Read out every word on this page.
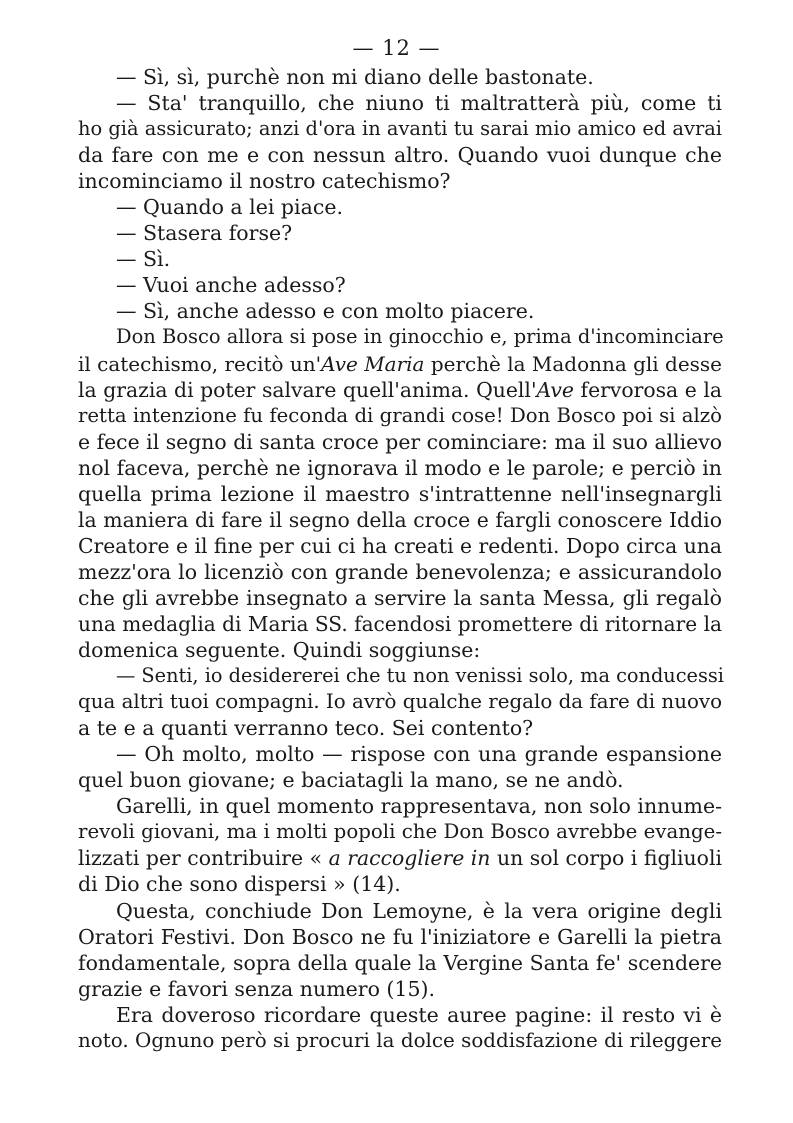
— 12 —
— Sì, sì, purchè non mi diano delle bastonate.
— Sta' tranquillo, che niuno ti maltratterà più, come ti
ho già assicurato; anzi d'ora in avanti tu sarai mio amico ed avrai
da fare con me e con nessun altro. Quando vuoi dunque che
incominciamo il nostro catechismo?
— Quando a lei piace.
— Stasera forse?
— Sì.
— Vuoi anche adesso?
— Sì, anche adesso e con molto piacere.
Don Bosco allora si pose in ginocchio e, prima d'incominciare
il catechismo, recitò un'Ave Maria perchè la Madonna gli desse
la grazia di poter salvare quell'anima. Quell'Ave fervorosa e la
retta intenzione fu feconda di grandi cose! Don Bosco poi si alzò
e fece il segno di santa croce per cominciare: ma il suo allievo
nol faceva, perchè ne ignorava il modo e le parole; e perciò in
quella prima lezione il maestro s'intrattenne nell'insegnargli
la maniera di fare il segno della croce e fargli conoscere Iddio
Creatore e il fine per cui ci ha creati e redenti. Dopo circa una
mezz'ora lo licenziò con grande benevolenza; e assicurandolo
che gli avrebbe insegnato a servire la santa Messa, gli regalò
una medaglia di Maria SS. facendosi promettere di ritornare la
domenica seguente. Quindi soggiunse:
— Senti, io desidererei che tu non venissi solo, ma conducessi
qua altri tuoi compagni. Io avrò qualche regalo da fare di nuovo
a te e a quanti verranno teco. Sei contento?
— Oh molto, molto — rispose con una grande espansione
quel buon giovane; e baciatagli la mano, se ne andò.
Garelli, in quel momento rappresentava, non solo innume-
revoli giovani, ma i molti popoli che Don Bosco avrebbe evange-
lizzati per contribuire « a raccogliere in un sol corpo i figliuoli
di Dio che sono dispersi » (14).
Questa, conchiude Don Lemoyne, è la vera origine degli
Oratori Festivi. Don Bosco ne fu l'iniziatore e Garelli la pietra
fondamentale, sopra della quale la Vergine Santa fe' scendere
grazie e favori senza numero (15).
Era doveroso ricordare queste auree pagine: il resto vi è
noto. Ognuno però si procuri la dolce soddisfazione di rileggere
